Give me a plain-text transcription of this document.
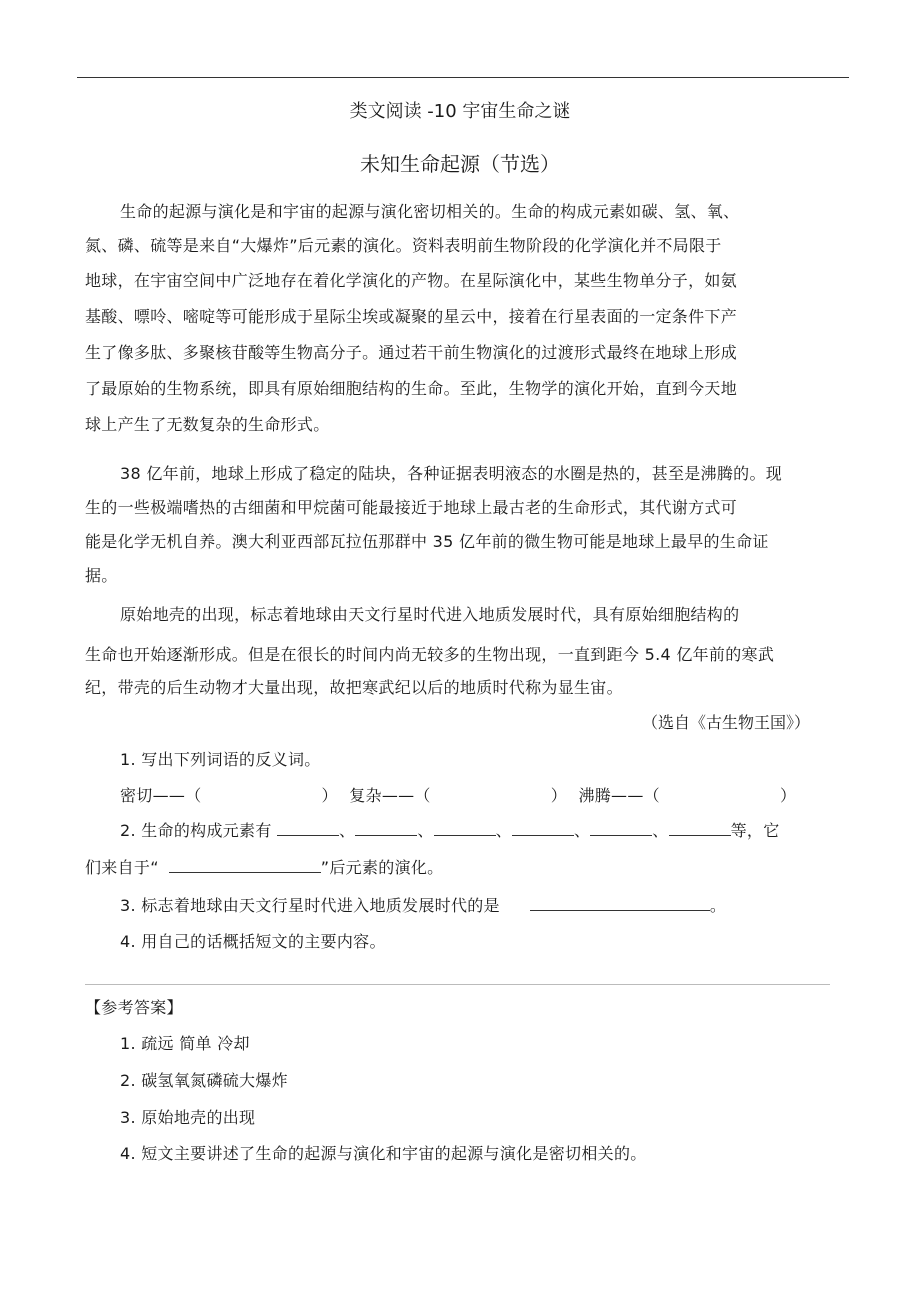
类文阅读 -10 宇宙生命之谜
未知生命起源（节选）
生命的起源与演化是和宇宙的起源与演化密切相关的。生命的构成元素如碳、氢、氧、
氮、磷、硫等是来自“大爆炸”后元素的演化。资料表明前生物阶段的化学演化并不局限于
地球，在宇宙空间中广泛地存在着化学演化的产物。在星际演化中，某些生物单分子，如氨
基酸、嘌呤、嘧啶等可能形成于星际尘埃或凝聚的星云中，接着在行星表面的一定条件下产
生了像多肽、多聚核苷酸等生物高分子。通过若干前生物演化的过渡形式最终在地球上形成
了最原始的生物系统，即具有原始细胞结构的生命。至此，生物学的演化开始，直到今天地
球上产生了无数复杂的生命形式。
38 亿年前，地球上形成了稳定的陆块，各种证据表明液态的水圈是热的，甚至是沸腾的。现
生的一些极端嗜热的古细菌和甲烷菌可能最接近于地球上最古老的生命形式，其代谢方式可
能是化学无机自养。澳大利亚西部瓦拉伍那群中 35 亿年前的微生物可能是地球上最早的生命证
据。
原始地壳的出现，标志着地球由天文行星时代进入地质发展时代，具有原始细胞结构的
生命也开始逐渐形成。但是在很长的时间内尚无较多的生物出现，一直到距今 5.4 亿年前的寒武
纪，带壳的后生动物才大量出现，故把寒武纪以后的地质时代称为显生宙。
（选自《古生物王国》）
1. 写出下列词语的反义词。
密切——（	） 复杂——（	） 沸腾——（	）
2. 生命的构成元素有	、	、	、	、	、	等，它
们来自于“	”后元素的演化。
3. 标志着地球由天文行星时代进入地质发展时代的是	。
4. 用自己的话概括短文的主要内容。
【参考答案】
1. 疏远 简单 冷却
2. 碳氢氧氮磷硫大爆炸
3. 原始地壳的出现
4. 短文主要讲述了生命的起源与演化和宇宙的起源与演化是密切相关的。
